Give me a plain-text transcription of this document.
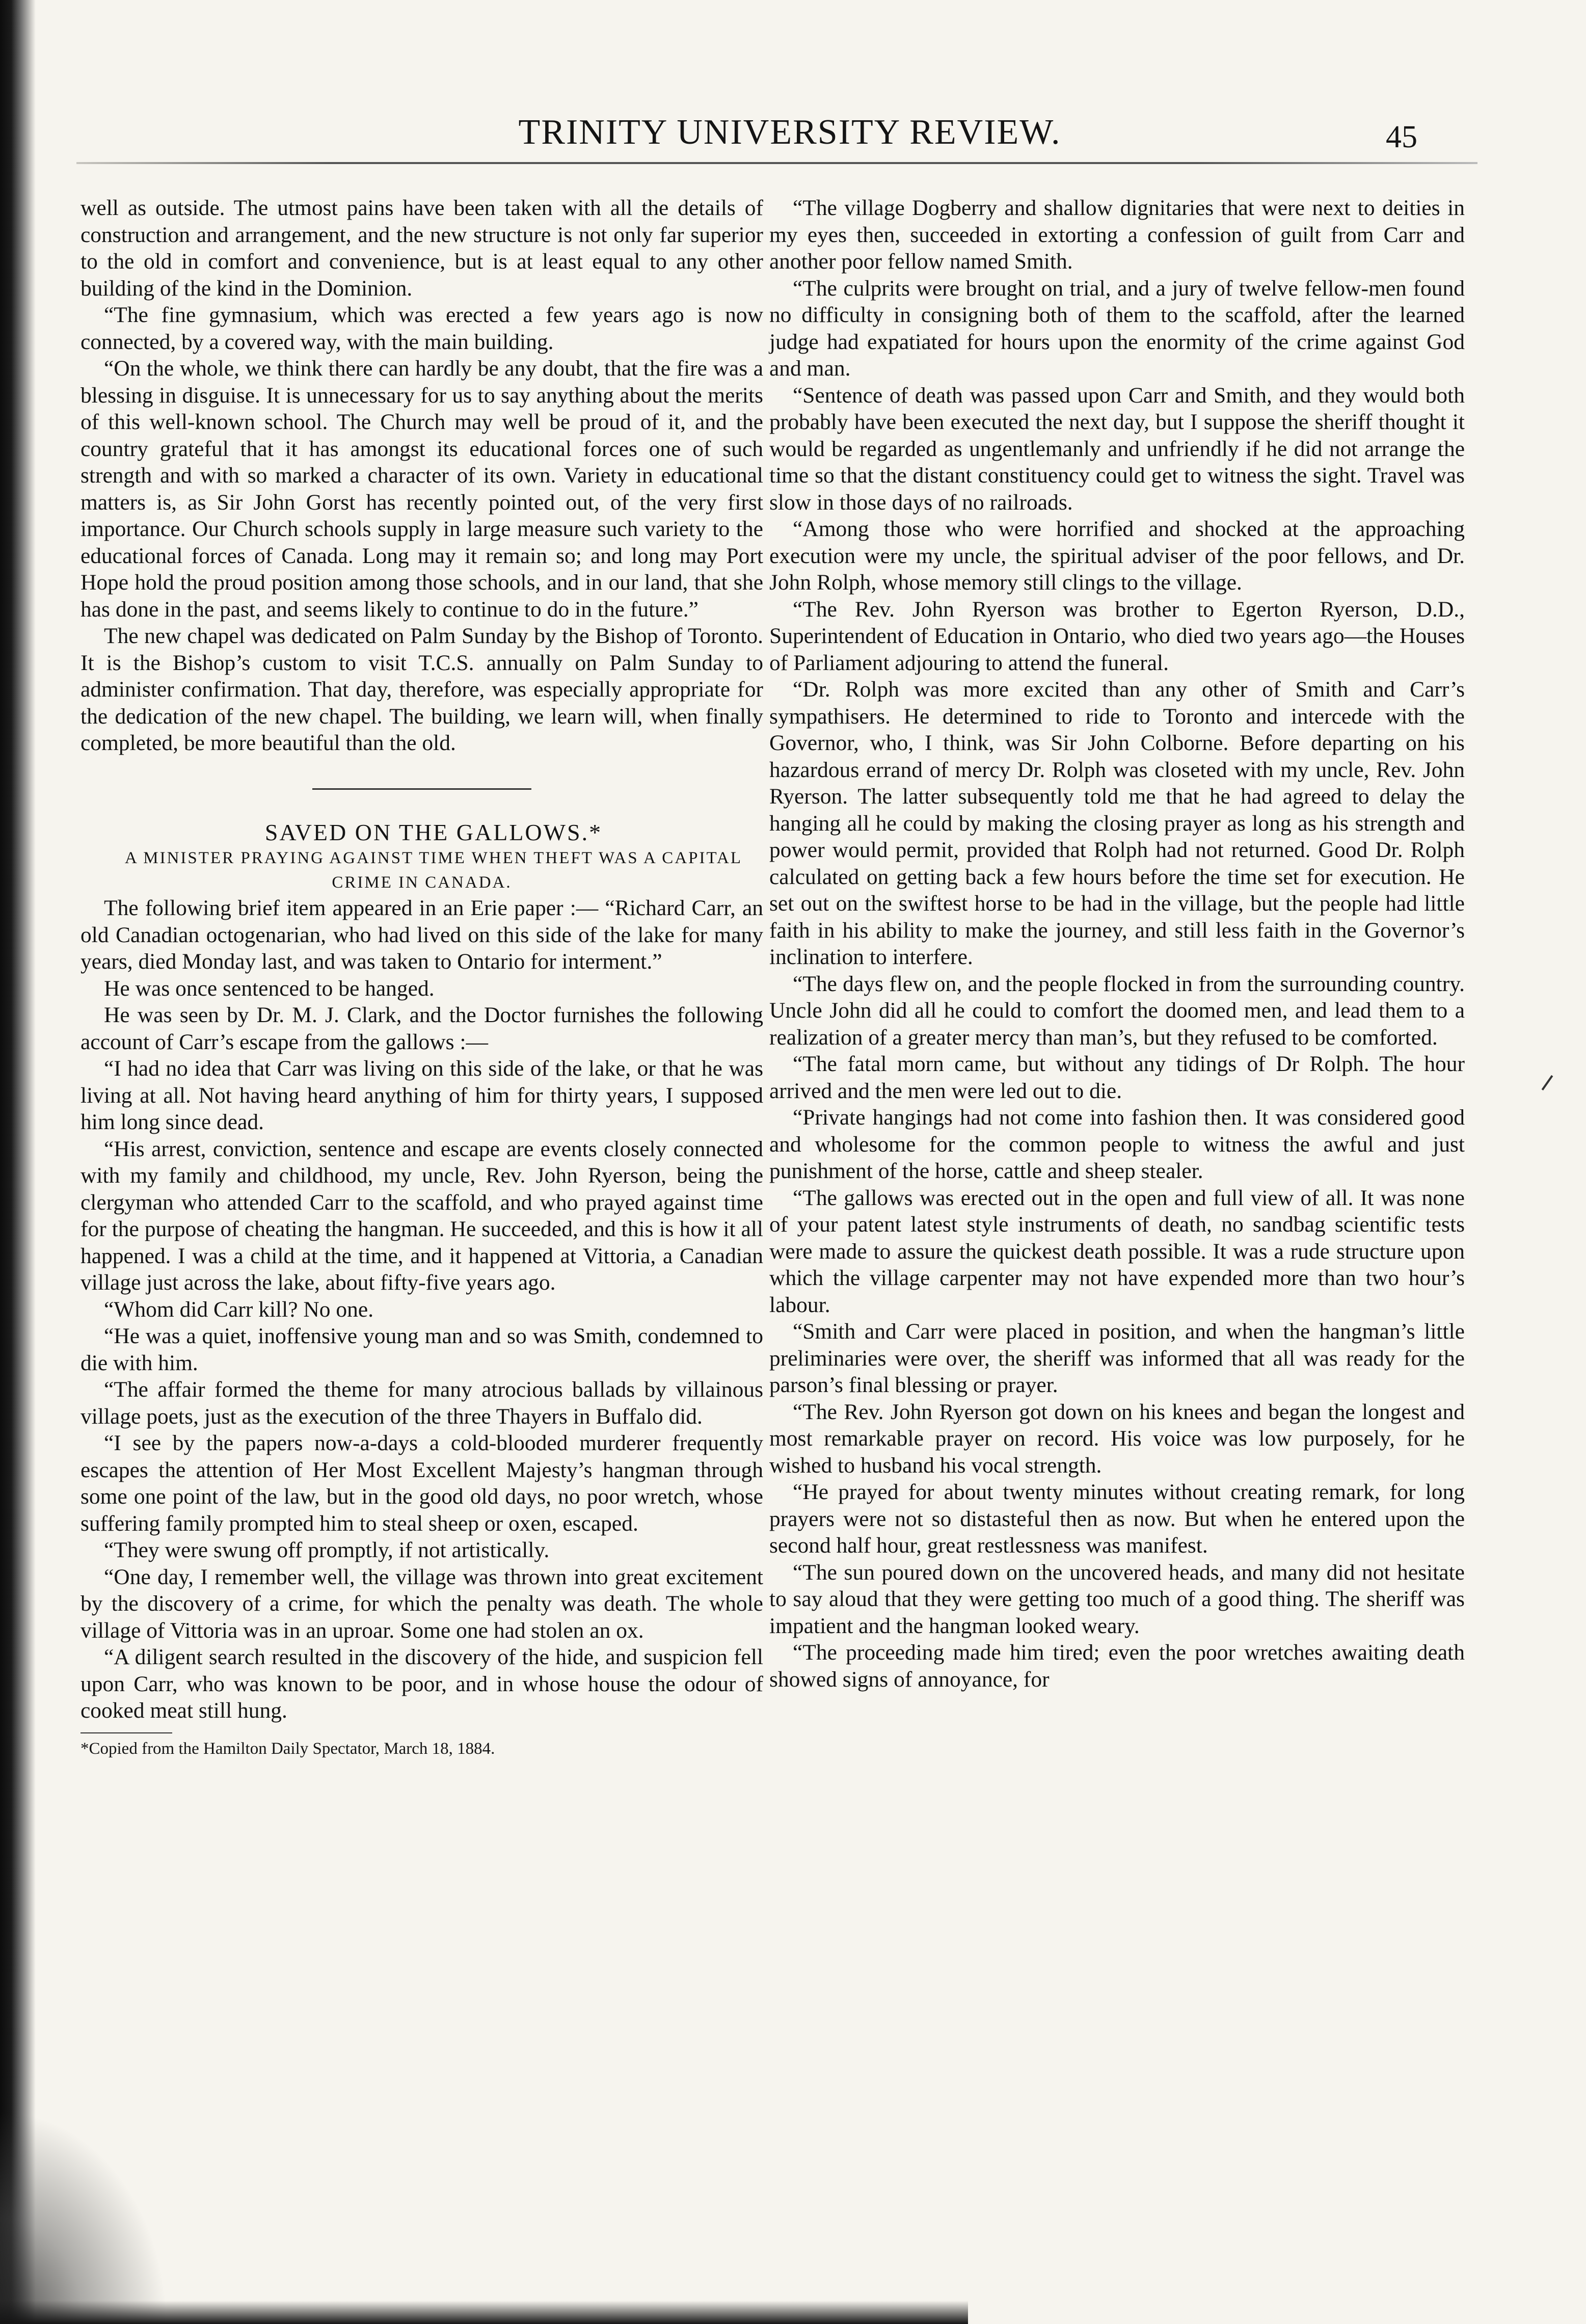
TRINITY UNIVERSITY REVIEW.	45

well as outside. The utmost pains have been taken with all the details of construction and arrangement, and the new structure is not only far superior to the old in comfort and convenience, but is at least equal to any other building of the kind in the Dominion.

“The fine gymnasium, which was erected a few years ago is now connected, by a covered way, with the main building.

“On the whole, we think there can hardly be any doubt, that the fire was a blessing in disguise. It is unnecessary for us to say anything about the merits of this well-known school. The Church may well be proud of it, and the country grateful that it has amongst its educational forces one of such strength and with so marked a character of its own. Variety in educational matters is, as Sir John Gorst has recently pointed out, of the very first importance. Our Church schools supply in large measure such variety to the educational forces of Canada. Long may it remain so; and long may Port Hope hold the proud position among those schools, and in our land, that she has done in the past, and seems likely to continue to do in the future.”

The new chapel was dedicated on Palm Sunday by the Bishop of Toronto. It is the Bishop’s custom to visit T.C.S. annually on Palm Sunday to administer confirmation. That day, therefore, was especially appropriate for the dedication of the new chapel. The building, we learn will, when finally completed, be more beautiful than the old.

SAVED ON THE GALLOWS.*

A MINISTER PRAYING AGAINST TIME WHEN THEFT WAS A CAPITAL CRIME IN CANADA.

The following brief item appeared in an Erie paper :— “Richard Carr, an old Canadian octogenarian, who had lived on this side of the lake for many years, died Monday last, and was taken to Ontario for interment.”

He was once sentenced to be hanged.

He was seen by Dr. M. J. Clark, and the Doctor furnishes the following account of Carr’s escape from the gallows :—

“I had no idea that Carr was living on this side of the lake, or that he was living at all. Not having heard anything of him for thirty years, I supposed him long since dead.

“His arrest, conviction, sentence and escape are events closely connected with my family and childhood, my uncle, Rev. John Ryerson, being the clergyman who attended Carr to the scaffold, and who prayed against time for the purpose of cheating the hangman. He succeeded, and this is how it all happened. I was a child at the time, and it happened at Vittoria, a Canadian village just across the lake, about fifty-five years ago.

“Whom did Carr kill? No one.

“He was a quiet, inoffensive young man and so was Smith, condemned to die with him.

“The affair formed the theme for many atrocious ballads by villainous village poets, just as the execution of the three Thayers in Buffalo did.

“I see by the papers now-a-days a cold-blooded murderer frequently escapes the attention of Her Most Excellent Majesty’s hangman through some one point of the law, but in the good old days, no poor wretch, whose suffering family prompted him to steal sheep or oxen, escaped.

“They were swung off promptly, if not artistically.

“One day, I remember well, the village was thrown into great excitement by the discovery of a crime, for which the penalty was death. The whole village of Vittoria was in an uproar. Some one had stolen an ox.

“A diligent search resulted in the discovery of the hide, and suspicion fell upon Carr, who was known to be poor, and in whose house the odour of cooked meat still hung.

*Copied from the Hamilton Daily Spectator, March 18, 1884.

“The village Dogberry and shallow dignitaries that were next to deities in my eyes then, succeeded in extorting a confession of guilt from Carr and another poor fellow named Smith.

“The culprits were brought on trial, and a jury of twelve fellow-men found no difficulty in consigning both of them to the scaffold, after the learned judge had expatiated for hours upon the enormity of the crime against God and man.

“Sentence of death was passed upon Carr and Smith, and they would both probably have been executed the next day, but I suppose the sheriff thought it would be regarded as ungentlemanly and unfriendly if he did not arrange the time so that the distant constituency could get to witness the sight. Travel was slow in those days of no railroads.

“Among those who were horrified and shocked at the approaching execution were my uncle, the spiritual adviser of the poor fellows, and Dr. John Rolph, whose memory still clings to the village.

“The Rev. John Ryerson was brother to Egerton Ryerson, D.D., Superintendent of Education in Ontario, who died two years ago—the Houses of Parliament adjouring to attend the funeral.

“Dr. Rolph was more excited than any other of Smith and Carr’s sympathisers. He determined to ride to Toronto and intercede with the Governor, who, I think, was Sir John Colborne. Before departing on his hazardous errand of mercy Dr. Rolph was closeted with my uncle, Rev. John Ryerson. The latter subsequently told me that he had agreed to delay the hanging all he could by making the closing prayer as long as his strength and power would permit, provided that Rolph had not returned. Good Dr. Rolph calculated on getting back a few hours before the time set for execution. He set out on the swiftest horse to be had in the village, but the people had little faith in his ability to make the journey, and still less faith in the Governor’s inclination to interfere.

“The days flew on, and the people flocked in from the surrounding country. Uncle John did all he could to comfort the doomed men, and lead them to a realization of a greater mercy than man’s, but they refused to be comforted.

“The fatal morn came, but without any tidings of Dr Rolph. The hour arrived and the men were led out to die.

“Private hangings had not come into fashion then. It was considered good and wholesome for the common people to witness the awful and just punishment of the horse, cattle and sheep stealer.

“The gallows was erected out in the open and full view of all. It was none of your patent latest style instruments of death, no sandbag scientific tests were made to assure the quickest death possible. It was a rude structure upon which the village carpenter may not have expended more than two hour’s labour.

“Smith and Carr were placed in position, and when the hangman’s little preliminaries were over, the sheriff was informed that all was ready for the parson’s final blessing or prayer.

“The Rev. John Ryerson got down on his knees and began the longest and most remarkable prayer on record. His voice was low purposely, for he wished to husband his vocal strength.

“He prayed for about twenty minutes without creating remark, for long prayers were not so distasteful then as now. But when he entered upon the second half hour, great restlessness was manifest.

“The sun poured down on the uncovered heads, and many did not hesitate to say aloud that they were getting too much of a good thing. The sheriff was impatient and the hangman looked weary.

“The proceeding made him tired; even the poor wretches awaiting death showed signs of annoyance, for
